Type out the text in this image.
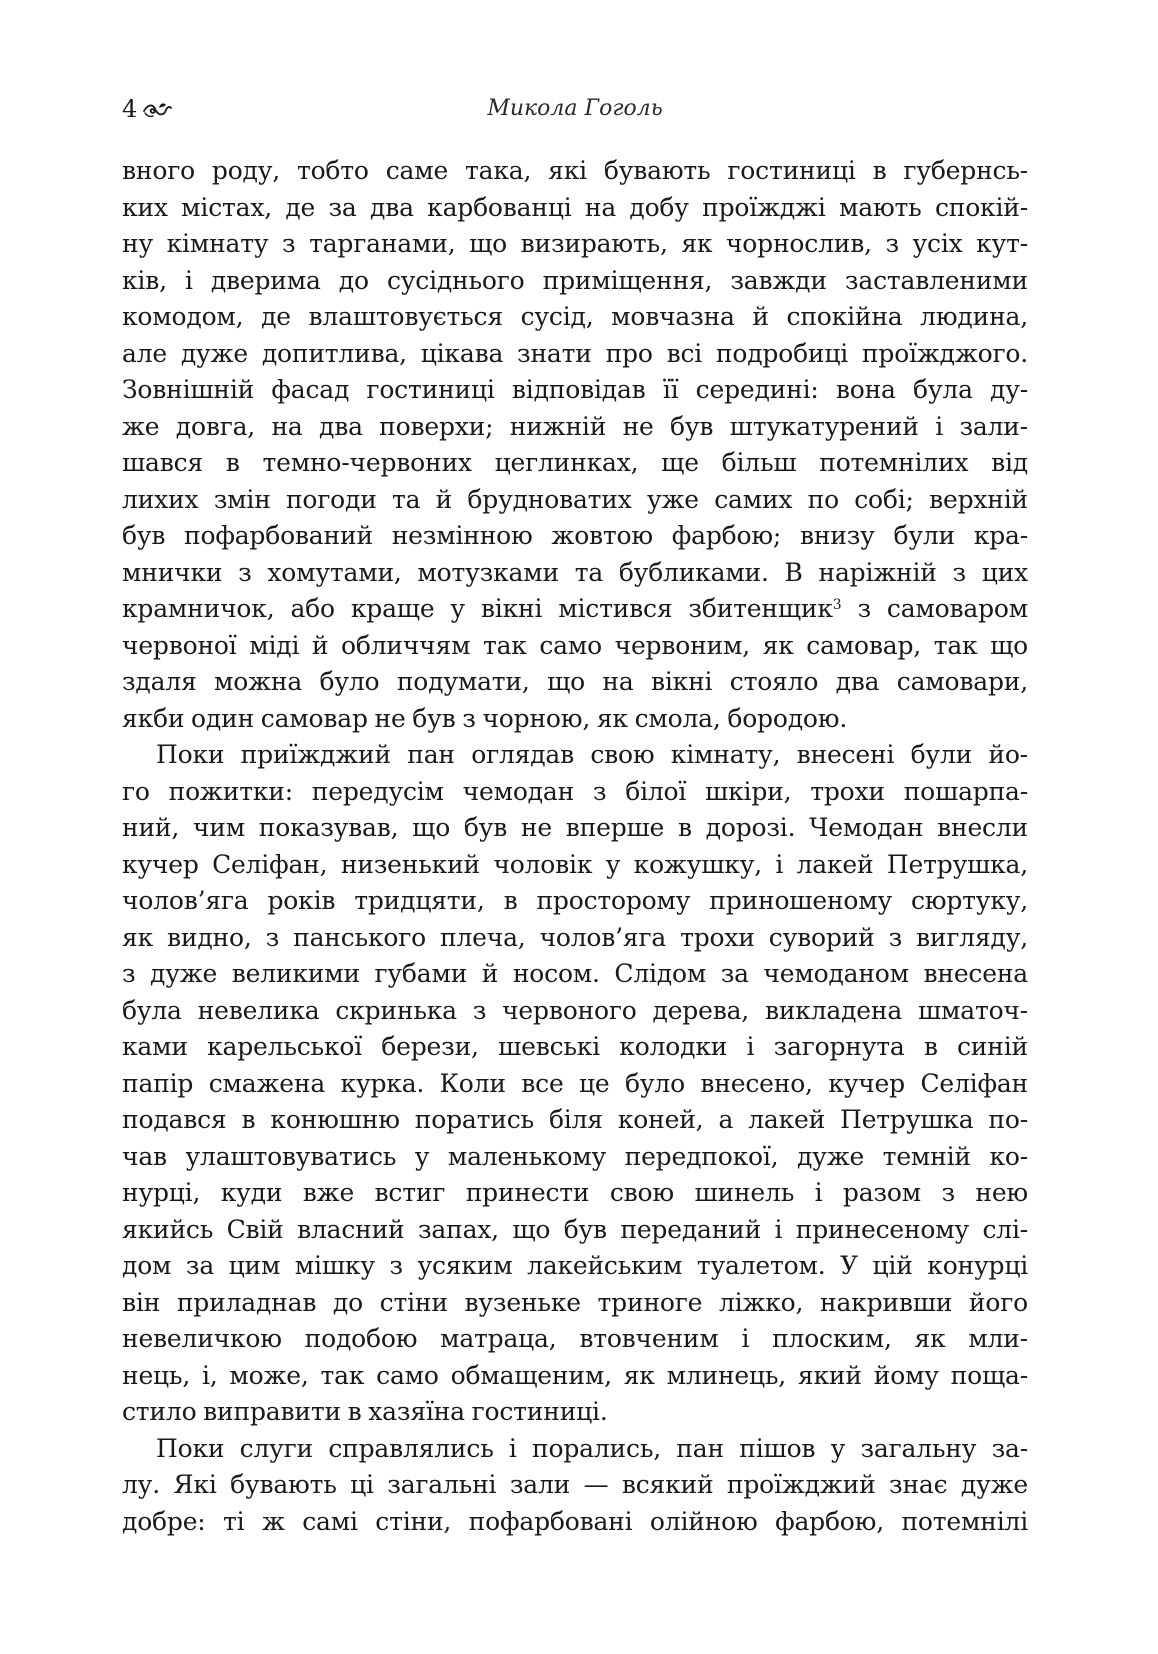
Микола Гоголь
4
вного роду, тобто саме така, які бувають гостиниці в губернсь-
ких містах, де за два карбованці на добу проїжджі мають спокій-
ну кімнату з тарганами, що визирають, як чорнослив, з усіх кут-
ків, і дверима до сусіднього приміщення, завжди заставленими
комодом, де влаштовується сусід, мовчазна й спокійна людина,
але дуже допитлива, цікава знати про всі подробиці проїжджого.
Зовнішній фасад гостиниці відповідав її середині: вона була ду-
же довга, на два поверхи; нижній не був штукатурений і зали-
шався в темно-червоних цеглинках, ще більш потемнілих від
лихих змін погоди та й брудноватих уже самих по собі; верхній
був пофарбований незмінною жовтою фарбою; внизу були кра-
мнички з хомутами, мотузками та бубликами. В наріжній з цих
крамничок, або краще у вікні містився збитенщик$^3$ з самоваром
червоної міді й обличчям так само червоним, як самовар, так що
здаля можна було подумати, що на вікні стояло два самовари,
якби один самовар не був з чорною, як смола, бородою.
Поки приїжджий пан оглядав свою кімнату, внесені були йо-
го пожитки: передусім чемодан з білої шкіри, трохи пошарпа-
ний, чим показував, що був не вперше в дорозі. Чемодан внесли
кучер Селіфан, низенький чоловік у кожушку, і лакей Петрушка,
чолов’яга років тридцяти, в просторому приношеному сюртуку,
як видно, з панського плеча, чолов’яга трохи суворий з вигляду,
з дуже великими губами й носом. Слідом за чемоданом внесена
була невелика скринька з червоного дерева, викладена шматоч-
ками карельської берези, шевські колодки і загорнута в синій
папір смажена курка. Коли все це було внесено, кучер Селіфан
подався в конюшню поратись біля коней, а лакей Петрушка по-
чав улаштовуватись у маленькому передпокої, дуже темній ко-
нурці, куди вже встиг принести свою шинель і разом з нею
якийсь Свій власний запах, що був переданий і принесеному слі-
дом за цим мішку з усяким лакейським туалетом. У цій конурці
він приладнав до стіни вузеньке триноге ліжко, накривши його
невеличкою подобою матраца, втовченим і плоским, як мли-
нець, і, може, так само обмащеним, як млинець, який йому поща-
стило виправити в хазяїна гостиниці.
Поки слуги справлялись і порались, пан пішов у загальну за-
лу. Які бувають ці загальні зали — всякий проїжджий знає дуже
добре: ті ж самі стіни, пофарбовані олійною фарбою, потемнілі
